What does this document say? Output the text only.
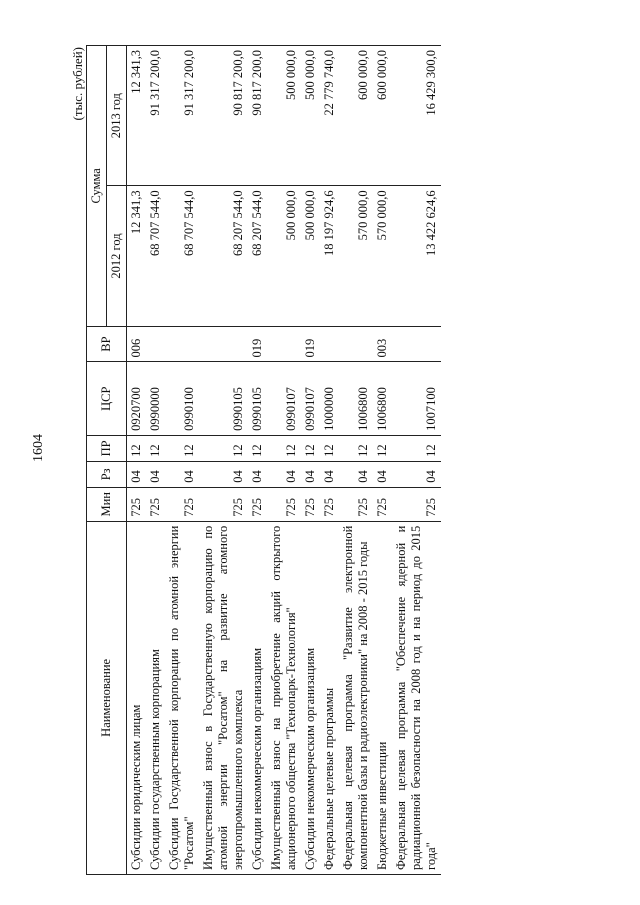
1604
(тыс. рублей)
Наименование	Мин	Рз	ПР	ЦСР	ВР	Сумма	
						2012 год	2013 год
Субсидии юридическим лицам	725	04	12	0920700	006	12 341,3	12 341,3
Субсидии государственным корпорациям	725	04	12	0990000		68 707 544,0	91 317 200,0
Субсидии Государственной корпорации по атомной энергии "Росатом"	725	04	12	0990100		68 707 544,0	91 317 200,0
Имущественный взнос в Государственную корпорацию по атомной энергии "Росатом" на развитие атомного энергопромышленного комплекса	725	04	12	0990105		68 207 544,0	90 817 200,0
Субсидии некоммерческим организациям	725	04	12	0990105	019	68 207 544,0	90 817 200,0
Имущественный взнос на приобретение акций открытого акционерного общества "Технопарк-Технология"	725	04	12	0990107		500 000,0	500 000,0
Субсидии некоммерческим организациям	725	04	12	0990107	019	500 000,0	500 000,0
Федеральные целевые программы	725	04	12	1000000		18 197 924,6	22 779 740,0
Федеральная целевая программа "Развитие электронной компонентной базы и радиоэлектроники" на 2008 - 2015 годы	725	04	12	1006800		570 000,0	600 000,0
Бюджетные инвестиции	725	04	12	1006800	003	570 000,0	600 000,0
Федеральная целевая программа "Обеспечение ядерной и радиационной безопасности на 2008 год и на период до 2015 года"	725	04	12	1007100		13 422 624,6	16 429 300,0
